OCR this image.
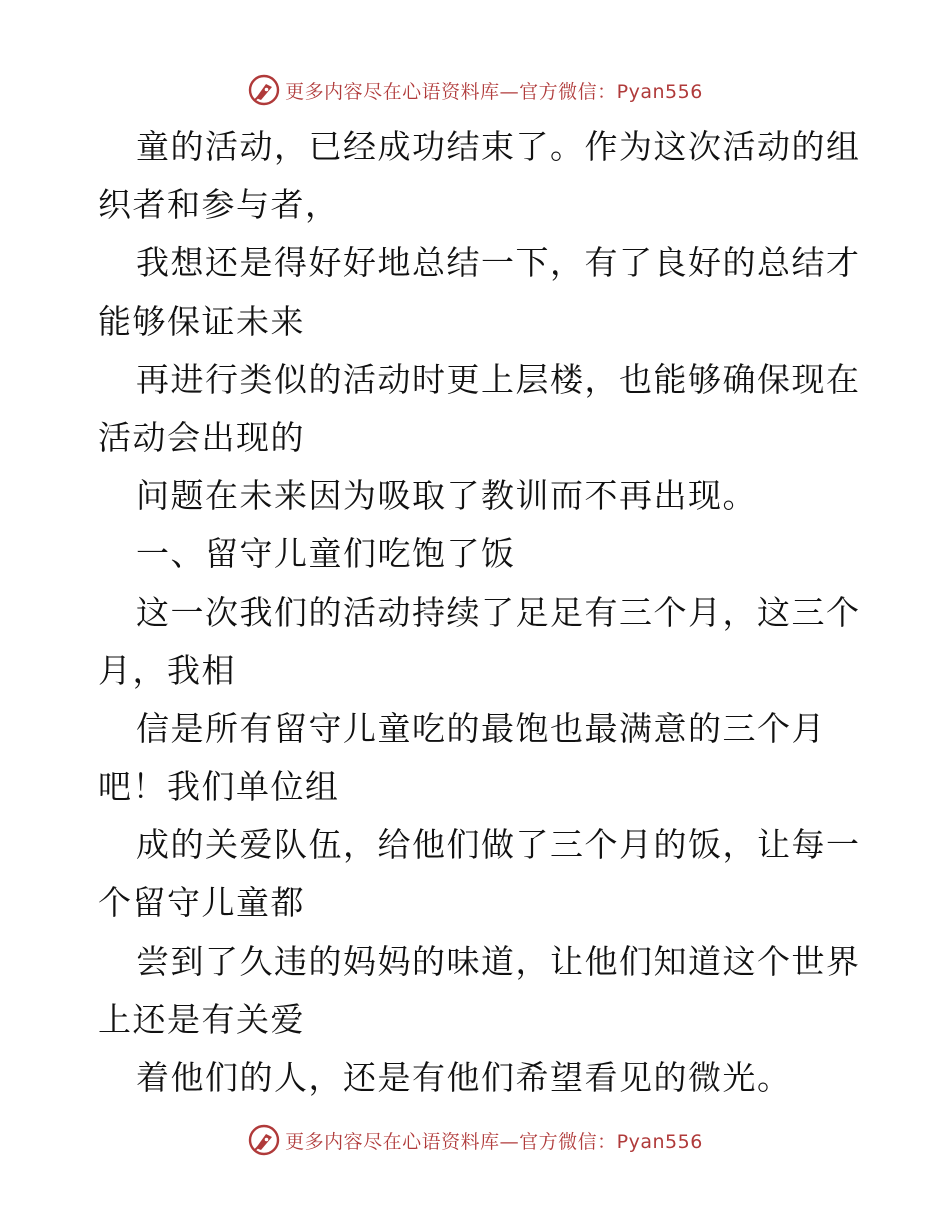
更多内容尽在心语资料库—官方微信：Pyan556
童的活动，已经成功结束了。作为这次活动的组
织者和参与者，
我想还是得好好地总结一下，有了良好的总结才
能够保证未来
再进行类似的活动时更上层楼，也能够确保现在
活动会出现的
问题在未来因为吸取了教训而不再出现。
一、留守儿童们吃饱了饭
这一次我们的活动持续了足足有三个月，这三个
月，我相
信是所有留守儿童吃的最饱也最满意的三个月
吧！我们单位组
成的关爱队伍，给他们做了三个月的饭，让每一
个留守儿童都
尝到了久违的妈妈的味道，让他们知道这个世界
上还是有关爱
着他们的人，还是有他们希望看见的微光。
更多内容尽在心语资料库—官方微信：Pyan556
